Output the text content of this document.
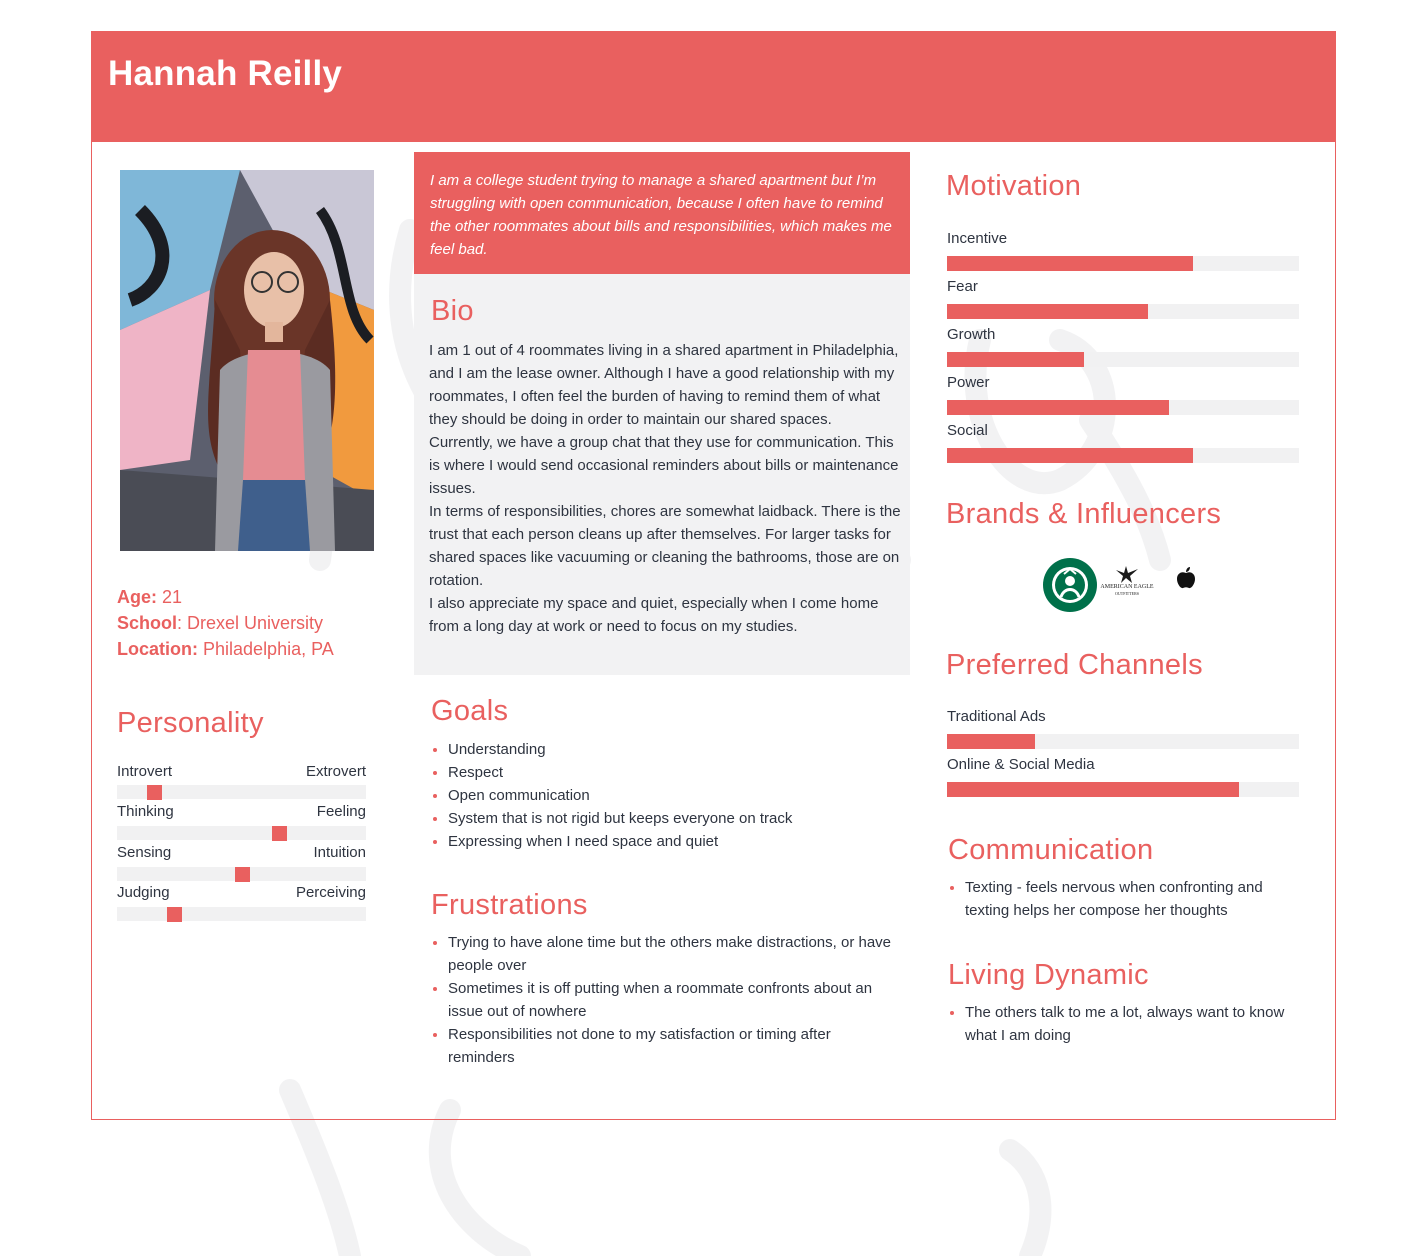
Hannah Reilly
Age: 21
School: Drexel University
Location: Philadelphia, PA
Personality
Introvert	Extrovert
Thinking	Feeling
Sensing	Intuition
Judging	Perceiving

I am a college student trying to manage a shared apartment but I’m struggling with open communication, because I often have to remind the other roommates about bills and responsibilities, which makes me feel bad.

Bio

I am 1 out of 4 roommates living in a shared apartment in Philadelphia, and I am the lease owner. Although I have a good relationship with my roommates, I often feel the burden of having to remind them of what they should be doing in order to maintain our shared spaces.

Currently, we have a group chat that they use for communication. This is where I would send occasional reminders about bills or maintenance issues.

In terms of responsibilities, chores are somewhat laidback. There is the trust that each person cleans up after themselves. For larger tasks for shared spaces like vacuuming or cleaning the bathrooms, those are on rotation.

I also appreciate my space and quiet, especially when I come home from a long day at work or need to focus on my studies.

Goals
Understanding
Respect
Open communication
System that is not rigid but keeps everyone on track
Expressing when I need space and quiet
Frustrations
Trying to have alone time but the others make distractions, or have people over
Sometimes it is off putting when a roommate confronts about an issue out of nowhere
Responsibilities not done to my satisfaction or timing after reminders
Motivation
Incentive
Fear
Growth
Power
Social
Brands & Influencers
AMERICAN EAGLE
OUTFITTERS
Preferred Channels
Traditional Ads
Online & Social Media
Communication
Texting - feels nervous when confronting and texting helps her compose her thoughts
Living Dynamic
The others talk to me a lot, always want to know what I am doing
